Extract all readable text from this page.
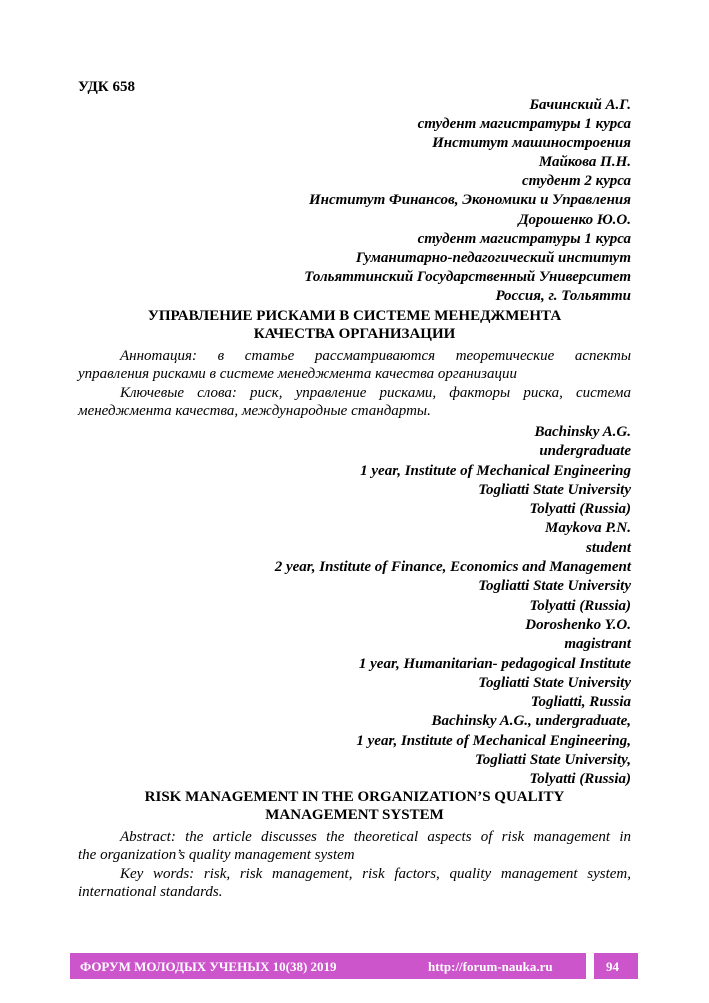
УДК 658
Бачинский А.Г.
студент магистратуры 1 курса
Институт машиностроения
Майкова П.Н.
студент 2 курса
Институт Финансов, Экономики и Управления
Дорошенко Ю.О.
студент магистратуры 1 курса
Гуманитарно-педагогический институт
Тольяттинский Государственный Университет
Россия, г. Тольятти
УПРАВЛЕНИЕ РИСКАМИ В СИСТЕМЕ МЕНЕДЖМЕНТА
КАЧЕСТВА ОРГАНИЗАЦИИ
Аннотация: в статье рассматриваются теоретические аспекты
управления рисками в системе менеджмента качества организации
Ключевые слова: риск, управление рисками, факторы риска, система
менеджмента качества, международные стандарты.
Bachinsky A.G.
undergraduate
1 year, Institute of Mechanical Engineering
Togliatti State University
Tolyatti (Russia)
Maykova P.N.
student
2 year, Institute of Finance, Economics and Management
Togliatti State University
Tolyatti (Russia)
Doroshenko Y.O.
magistrant
1 year, Humanitarian- pedagogical Institute
Togliatti State University
Togliatti, Russia
Bachinsky A.G., undergraduate,
1 year, Institute of Mechanical Engineering,
Togliatti State University,
Tolyatti (Russia)
RISK MANAGEMENT IN THE ORGANIZATION’S QUALITY
MANAGEMENT SYSTEM
Abstract: the article discusses the theoretical aspects of risk management in
the organization’s quality management system
Key words: risk, risk management, risk factors, quality management system,
international standards.
ФОРУМ МОЛОДЫХ УЧЕНЫХ 10(38) 2019	http://forum-nauka.ru	94
